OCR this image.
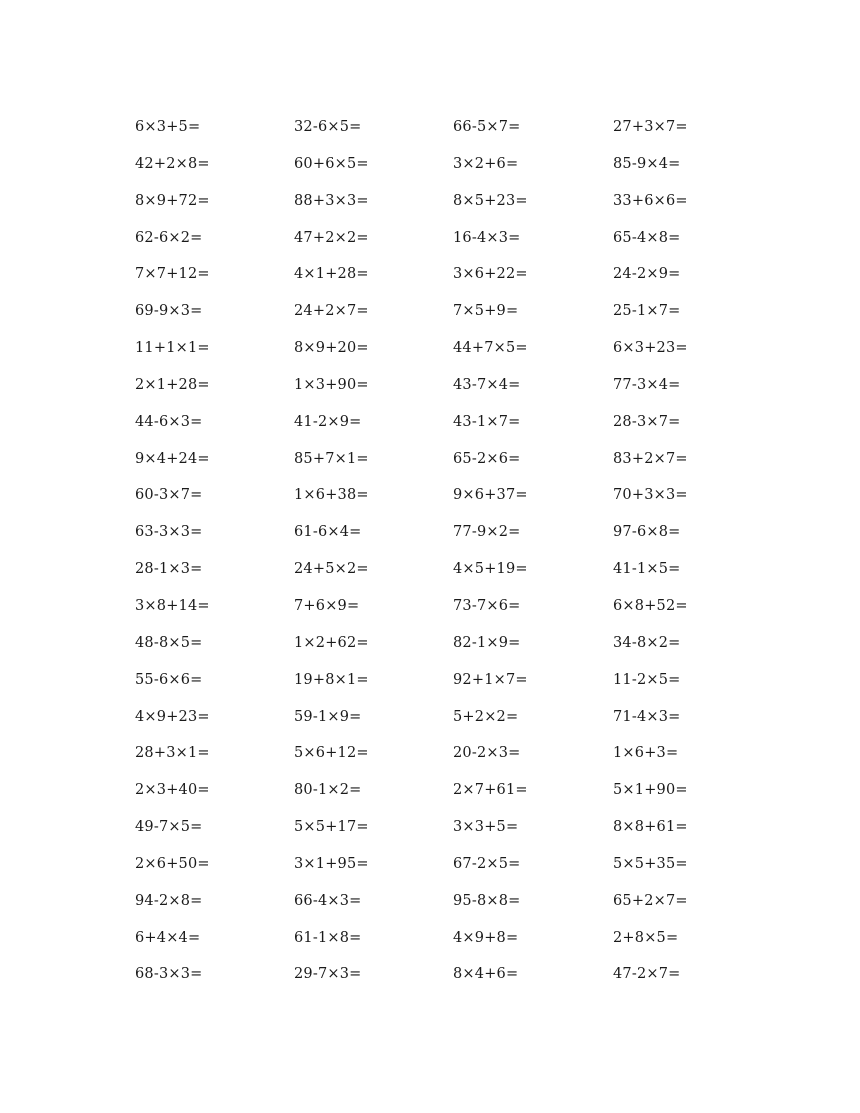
6×3+5=	32-6×5=	66-5×7=	27+3×7=
42+2×8=	60+6×5=	3×2+6=	85-9×4=
8×9+72=	88+3×3=	8×5+23=	33+6×6=
62-6×2=	47+2×2=	16-4×3=	65-4×8=
7×7+12=	4×1+28=	3×6+22=	24-2×9=
69-9×3=	24+2×7=	7×5+9=	25-1×7=
11+1×1=	8×9+20=	44+7×5=	6×3+23=
2×1+28=	1×3+90=	43-7×4=	77-3×4=
44-6×3=	41-2×9=	43-1×7=	28-3×7=
9×4+24=	85+7×1=	65-2×6=	83+2×7=
60-3×7=	1×6+38=	9×6+37=	70+3×3=
63-3×3=	61-6×4=	77-9×2=	97-6×8=
28-1×3=	24+5×2=	4×5+19=	41-1×5=
3×8+14=	7+6×9=	73-7×6=	6×8+52=
48-8×5=	1×2+62=	82-1×9=	34-8×2=
55-6×6=	19+8×1=	92+1×7=	11-2×5=
4×9+23=	59-1×9=	5+2×2=	71-4×3=
28+3×1=	5×6+12=	20-2×3=	1×6+3=
2×3+40=	80-1×2=	2×7+61=	5×1+90=
49-7×5=	5×5+17=	3×3+5=	8×8+61=
2×6+50=	3×1+95=	67-2×5=	5×5+35=
94-2×8=	66-4×3=	95-8×8=	65+2×7=
6+4×4=	61-1×8=	4×9+8=	2+8×5=
68-3×3=	29-7×3=	8×4+6=	47-2×7=
